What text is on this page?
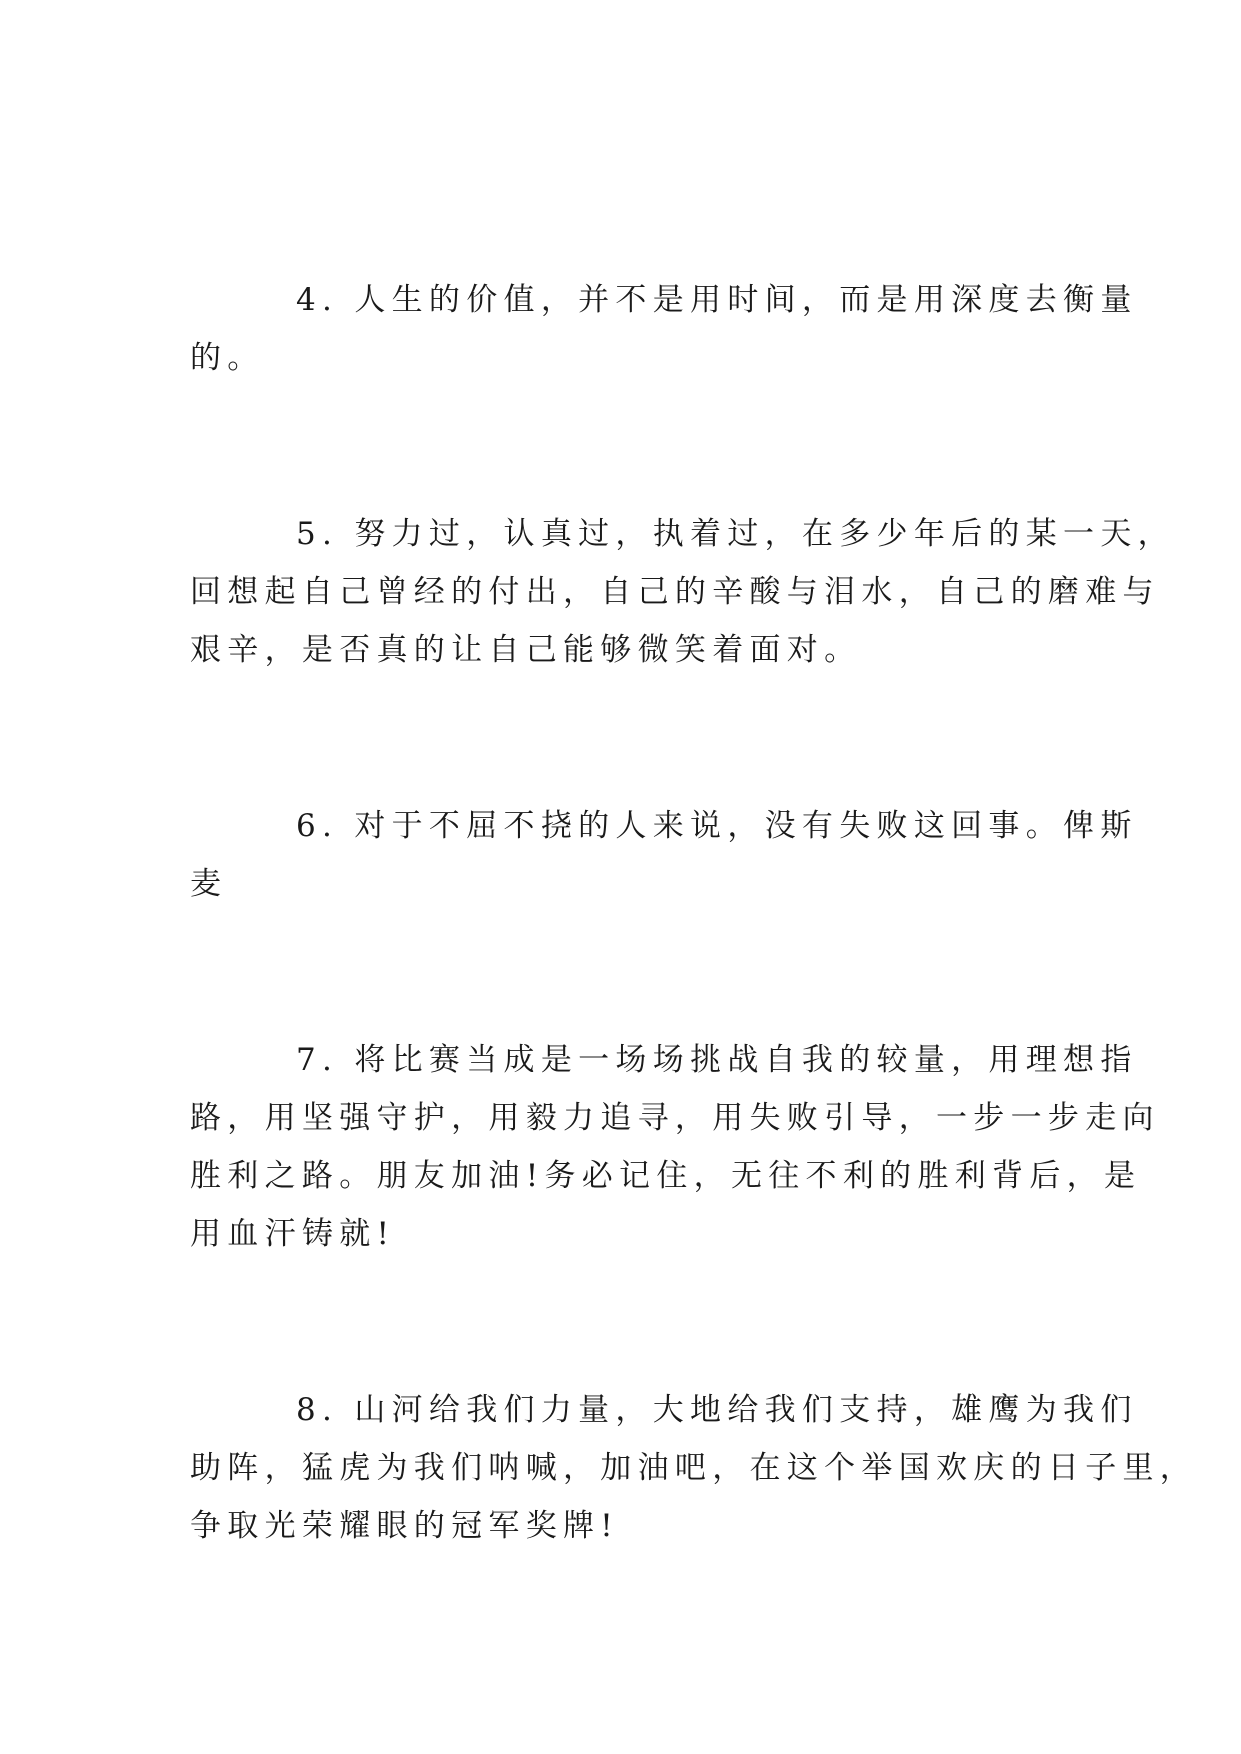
4. 人生的价值，并不是用时间，而是用深度去衡量

的。

5. 努力过，认真过，执着过，在多少年后的某一天，

回想起自己曾经的付出，自己的辛酸与泪水，自己的磨难与

艰辛，是否真的让自己能够微笑着面对。

6. 对于不屈不挠的人来说，没有失败这回事。俾斯

麦

7. 将比赛当成是一场场挑战自我的较量，用理想指

路，用坚强守护，用毅力追寻，用失败引导，一步一步走向

胜利之路。朋友加油!务必记住，无往不利的胜利背后，是

用血汗铸就!

8. 山河给我们力量，大地给我们支持，雄鹰为我们

助阵，猛虎为我们呐喊，加油吧，在这个举国欢庆的日子里，

争取光荣耀眼的冠军奖牌!
